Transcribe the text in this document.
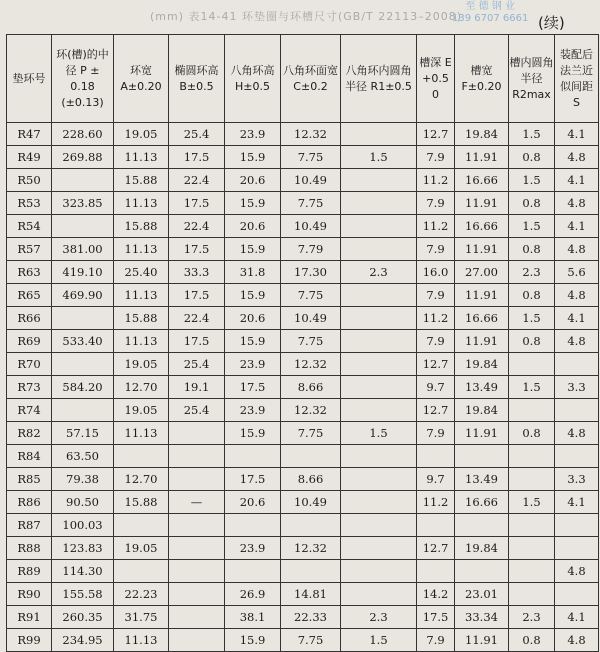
(mm) 表14-41 环垫圈与环槽尺寸(GB/T 22113–2008)
至 德 钢 业
139 6707 6661 (续)
垫环号	环(槽)的中径 P ± 0.18 (±0.13)	环宽 A±0.20	椭圆环高 B±0.5	八角环高 H±0.5	八角环面宽 C±0.2	八角环内圆角半径 R1±0.5	槽深 E +0.5 0	槽宽 F±0.20	槽内圆角半径 R2max	装配后法兰近似间距 S
R47	228.60	19.05	25.4	23.9	12.32		12.7	19.84	1.5	4.1
R49	269.88	11.13	17.5	15.9	7.75	1.5	7.9	11.91	0.8	4.8
R50		15.88	22.4	20.6	10.49		11.2	16.66	1.5	4.1
R53	323.85	11.13	17.5	15.9	7.75		7.9	11.91	0.8	4.8
R54		15.88	22.4	20.6	10.49		11.2	16.66	1.5	4.1
R57	381.00	11.13	17.5	15.9	7.79		7.9	11.91	0.8	4.8
R63	419.10	25.40	33.3	31.8	17.30	2.3	16.0	27.00	2.3	5.6
R65	469.90	11.13	17.5	15.9	7.75		7.9	11.91	0.8	4.8
R66		15.88	22.4	20.6	10.49		11.2	16.66	1.5	4.1
R69	533.40	11.13	17.5	15.9	7.75		7.9	11.91	0.8	4.8
R70		19.05	25.4	23.9	12.32		12.7	19.84		
R73	584.20	12.70	19.1	17.5	8.66		9.7	13.49	1.5	3.3
R74		19.05	25.4	23.9	12.32		12.7	19.84		
R82	57.15	11.13		15.9	7.75	1.5	7.9	11.91	0.8	4.8
R84	63.50									
R85	79.38	12.70		17.5	8.66		9.7	13.49		3.3
R86	90.50	15.88	—	20.6	10.49		11.2	16.66	1.5	4.1
R87	100.03									
R88	123.83	19.05		23.9	12.32		12.7	19.84		
R89	114.30									4.8
R90	155.58	22.23		26.9	14.81		14.2	23.01		
R91	260.35	31.75		38.1	22.33	2.3	17.5	33.34	2.3	4.1
R99	234.95	11.13		15.9	7.75	1.5	7.9	11.91	0.8	4.8
